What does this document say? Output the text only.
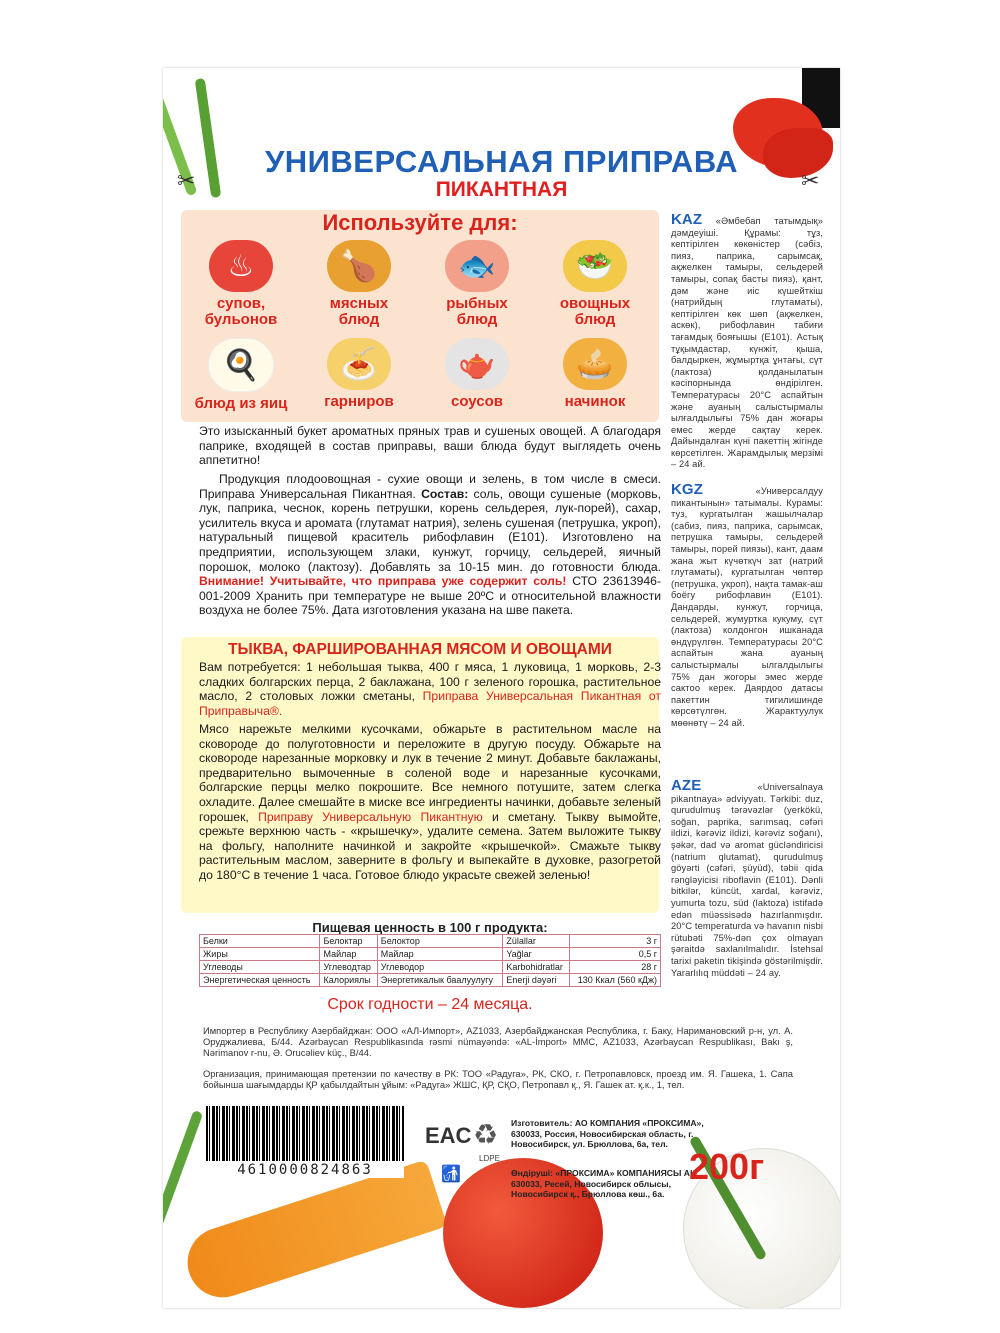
✂	✂
УНИВЕРСАЛЬНАЯ ПРИПРАВА
ПИКАНТНАЯ
Используйте для:
♨
супов,
бульонов
🍗
мясных
блюд
🐟
рыбных
блюд
🥗
овощных
блюд
🍳
блюд из яиц
🍝
гарниров
🫖
соусов
🥧
начинок
Это изысканный букет ароматных пряных трав и сушеных овощей. А благодаря паприке, входящей в состав приправы, ваши блюда будут выглядеть очень аппетитно!
Продукция плодоовощная - сухие овощи и зелень, в том числе в смеси. Приправа Универсальная Пикантная. Состав: соль, овощи сушеные (морковь, лук, паприка, чеснок, корень петрушки, корень сельдерея, лук-порей), сахар, усилитель вкуса и аромата (глутамат натрия), зелень сушеная (петрушка, укроп), натуральный пищевой краситель рибофлавин (Е101). Изготовлено на предприятии, использующем злаки, кунжут, горчицу, сельдерей, яичный порошок, молоко (лактозу). Добавлять за 10-15 мин. до готовности блюда. Внимание! Учитывайте, что приправа уже содержит соль! СТО 23613946-001-2009 Хранить при температуре не выше 20ºС и относительной влажности воздуха не более 75%. Дата изготовления указана на шве пакета.
ТЫКВА, ФАРШИРОВАННАЯ МЯСОМ И ОВОЩАМИ
Вам потребуется: 1 небольшая тыква, 400 г мяса, 1 луковица, 1 морковь, 2-3 сладких болгарских перца, 2 баклажана, 100 г зеленого горошка, растительное масло, 2 столовых ложки сметаны, Приправа Универсальная Пикантная от Приправыча®.
Мясо нарежьте мелкими кусочками, обжарьте в растительном масле на сковороде до полуготовности и переложите в другую посуду. Обжарьте на сковороде нарезанные морковку и лук в течение 2 минут. Добавьте баклажаны, предварительно вымоченные в соленой воде и нарезанные кусочками, болгарские перцы мелко покрошите. Все немного потушите, затем слегка охладите. Далее смешайте в миске все ингредиенты начинки, добавьте зеленый горошек, Приправу Универсальную Пикантную и сметану. Тыкву вымойте, срежьте верхнюю часть - «крышечку», удалите семена. Затем выложите тыкву на фольгу, наполните начинкой и закройте «крышечкой». Смажьте тыкву растительным маслом, заверните в фольгу и выпекайте в духовке, разогретой до 180°С в течение 1 часа. Готовое блюдо украсьте свежей зеленью!
Пищевая ценность в 100 г продукта:
Белки	Белоктар	Белоктор	Zülallar	3 г
Жиры	Майлар	Майлар	Yağlar	0,5 г
Углеводы	Углеводтар	Углеводор	Karbohidratlar	28 г
Энергетическая ценность	Калориялы	Энергетикалык баалуулугу	Enerji dəyəri	130 Ккал (560 кДж)
Срок годности – 24 месяца.
KAZ «Әмбебап татымдық» дәмдеуіші. Құрамы: тұз, кептірілген көкөністер (сәбіз, пияз, паприка, сарымсақ, ақжелкен тамыры, сельдерей тамыры, сопақ басты пияз), қант, дәм және иіс күшейткіш (натрийдың глутаматы), кептірілген көк шөп (ақжелкен, аскөк), рибофлавин табиғи тағамдық бояғышы (Е101). Астық тұқымдастар, күнжіт, қыша, балдыркен, жұмыртқа ұнтағы, сүт (лактоза) қолданылатын кәсіпорнында өндірілген. Температурасы 20°С аспайтын және ауаның салыстырмалы ылғалдылығы 75% дан жоғары емес жерде сақтау керек. Дайындалған күні пакеттің жігінде көрсетілген. Жарамдылық мерзімі – 24 ай.
KGZ	«Универсалдуу пикантынын» татымалы. Курамы: туз, кургатылган жашылчалар (сабиз, пияз, паприка, сарымсак, петрушка тамыры, сельдерей тамыры, порей пиязы), кант, даам жана жыт күчөткүч зат (натрий глутаматы), кургатылган чөптөр (петрушка, укроп), нақта тамак-аш боёгу рибофлавин (Е101). Дандарды, кунжут, горчица, сельдерей, жумуртка кукуму, сүт (лактоза) колдонгон ишканада өндүрүлгөн. Температурасы 20°С аспайтын жана ауаның салыстырмалы ылгалдылыгы 75% дан жогоры эмес жерде сактоо керек. Даярдоо датасы пакеттин тигилишинде көрсөтүлгөн. Жарактуулук мөөнөтү – 24 ай.
AZE	«Universalnaya pikantnaya» ədviyyatı. Tərkibi: duz, qurudulmuş tərəvəzlər (yerkökü, soğan, paprika, sarımsaq, cəfəri ildizi, kərəviz ildizi, kərəviz soğanı), şəkər, dad və aromat gücləndiricisi (natrium qlutamat), qurudulmuş göyərti (cəfəri, şüyüd), təbii qida rəngləyicisi riboflavin (E101). Dənli bitkilər, küncüt, xardal, kərəviz, yumurta tozu, süd (laktoza) istifadə edən müəssisədə hazırlanmışdır. 20°C temperaturda və havanın nisbi rütubəti 75%-dən çox olmayan şəraitdə saxlanılmalıdır. İstehsal tarixi paketin tikişində göstərilmişdir. Yararlılıq müddəti – 24 ay.
Импортер в Республику Азербайджан: ООО «АЛ-Импорт», AZ1033, Азербайджанская Республика, г. Баку, Наримановский р-н, ул. А. Оруджалиева, Б/44. Azərbaycan Respublikasında rəsmi nümayəndə: «AL-İmport» MMC, AZ1033, Azərbaycan Respublikası, Bakı ş, Nərimanov r-nu, Ə. Orucəliev küç., B/44.
Организация, принимающая претензии по качеству в РК: ТОО «Радуга», РК, СКО, г. Петропавловск, проезд им. Я. Гашека, 1. Сапа бойынша шағымдарды ҚР қабылдайтын ұйым: «Радуга» ЖШС, ҚР, СҚО, Петропавл қ., Я. Гашек ат. қ.к., 1, тел.
4610000824863
EAC ♻
LDPE
🚮
Изготовитель: АО КОМПАНИЯ «ПРОКСИМА», 630033, Россия, Новосибирская область, г. Новосибирск, ул. Брюллова, 6а, тел.
Өндіруші: «ПРОКСИМА» КОМПАНИЯСЫ АҚ, 630033, Ресей, Новосибирск облысы, Новосибирск қ., Брюллова көш., 6а.
200г
